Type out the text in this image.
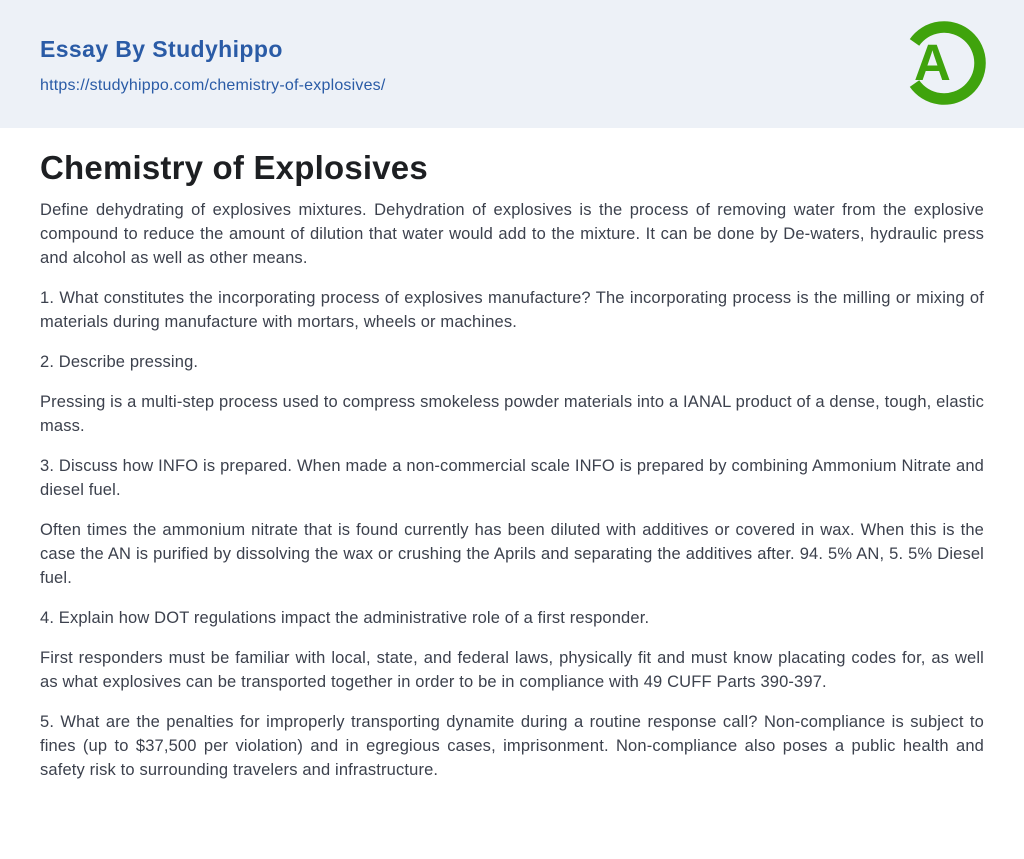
Essay By Studyhippo
https://studyhippo.com/chemistry-of-explosives/	A
Chemistry of Explosives

Define dehydrating of explosives mixtures. Dehydration of explosives is the process of removing water from the explosive compound to reduce the amount of dilution that water would add to the mixture. It can be done by De-waters, hydraulic press and alcohol as well as other means.

1. What constitutes the incorporating process of explosives manufacture? The incorporating process is the milling or mixing of materials during manufacture with mortars, wheels or machines.

2. Describe pressing.

Pressing is a multi-step process used to compress smokeless powder materials into a IANAL product of a dense, tough, elastic mass.

3. Discuss how INFO is prepared. When made a non-commercial scale INFO is prepared by combining Ammonium Nitrate and diesel fuel.

Often times the ammonium nitrate that is found currently has been diluted with additives or covered in wax. When this is the case the AN is purified by dissolving the wax or crushing the Aprils and separating the additives after. 94. 5% AN, 5. 5% Diesel fuel.

4. Explain how DOT regulations impact the administrative role of a first responder.

First responders must be familiar with local, state, and federal laws, physically fit and must know placating codes for, as well as what explosives can be transported together in order to be in compliance with 49 CUFF Parts 390-397.

5. What are the penalties for improperly transporting dynamite during a routine response call? Non-compliance is subject to fines (up to $37,500 per violation) and in egregious cases, imprisonment. Non-compliance also poses a public health and safety risk to surrounding travelers and infrastructure.
